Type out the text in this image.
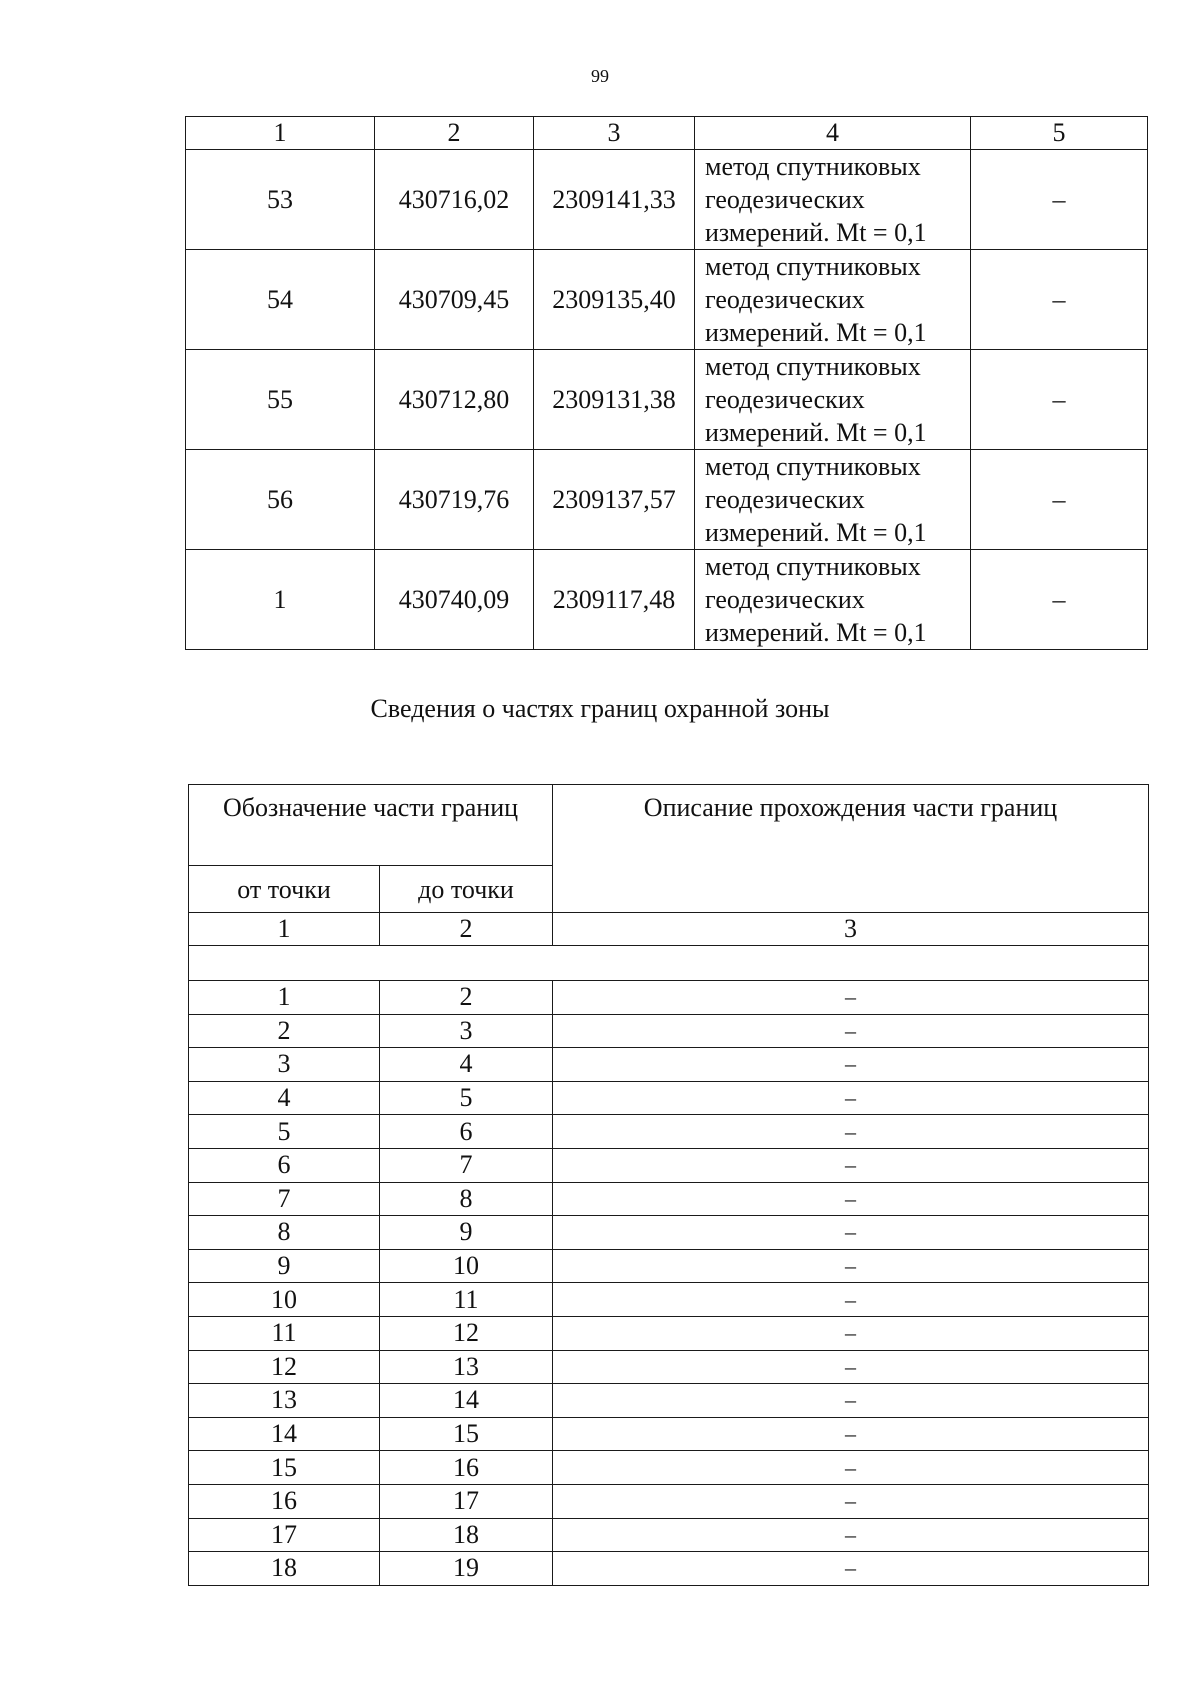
99
1	2	3	4	5
53	430716,02	2309141,33	метод спутниковых
геодезических
измерений. Mt = 0,1	–
54	430709,45	2309135,40	метод спутниковых
геодезических
измерений. Mt = 0,1	–
55	430712,80	2309131,38	метод спутниковых
геодезических
измерений. Mt = 0,1	–
56	430719,76	2309137,57	метод спутниковых
геодезических
измерений. Mt = 0,1	–
1	430740,09	2309117,48	метод спутниковых
геодезических
измерений. Mt = 0,1	–
Сведения о частях границ охранной зоны
Обозначение части границ		Описание прохождения части границ
от точки	до точки	
1	2	3

1	2	–
2	3	–
3	4	–
4	5	–
5	6	–
6	7	–
7	8	–
8	9	–
9	10	–
10	11	–
11	12	–
12	13	–
13	14	–
14	15	–
15	16	–
16	17	–
17	18	–
18	19	–
